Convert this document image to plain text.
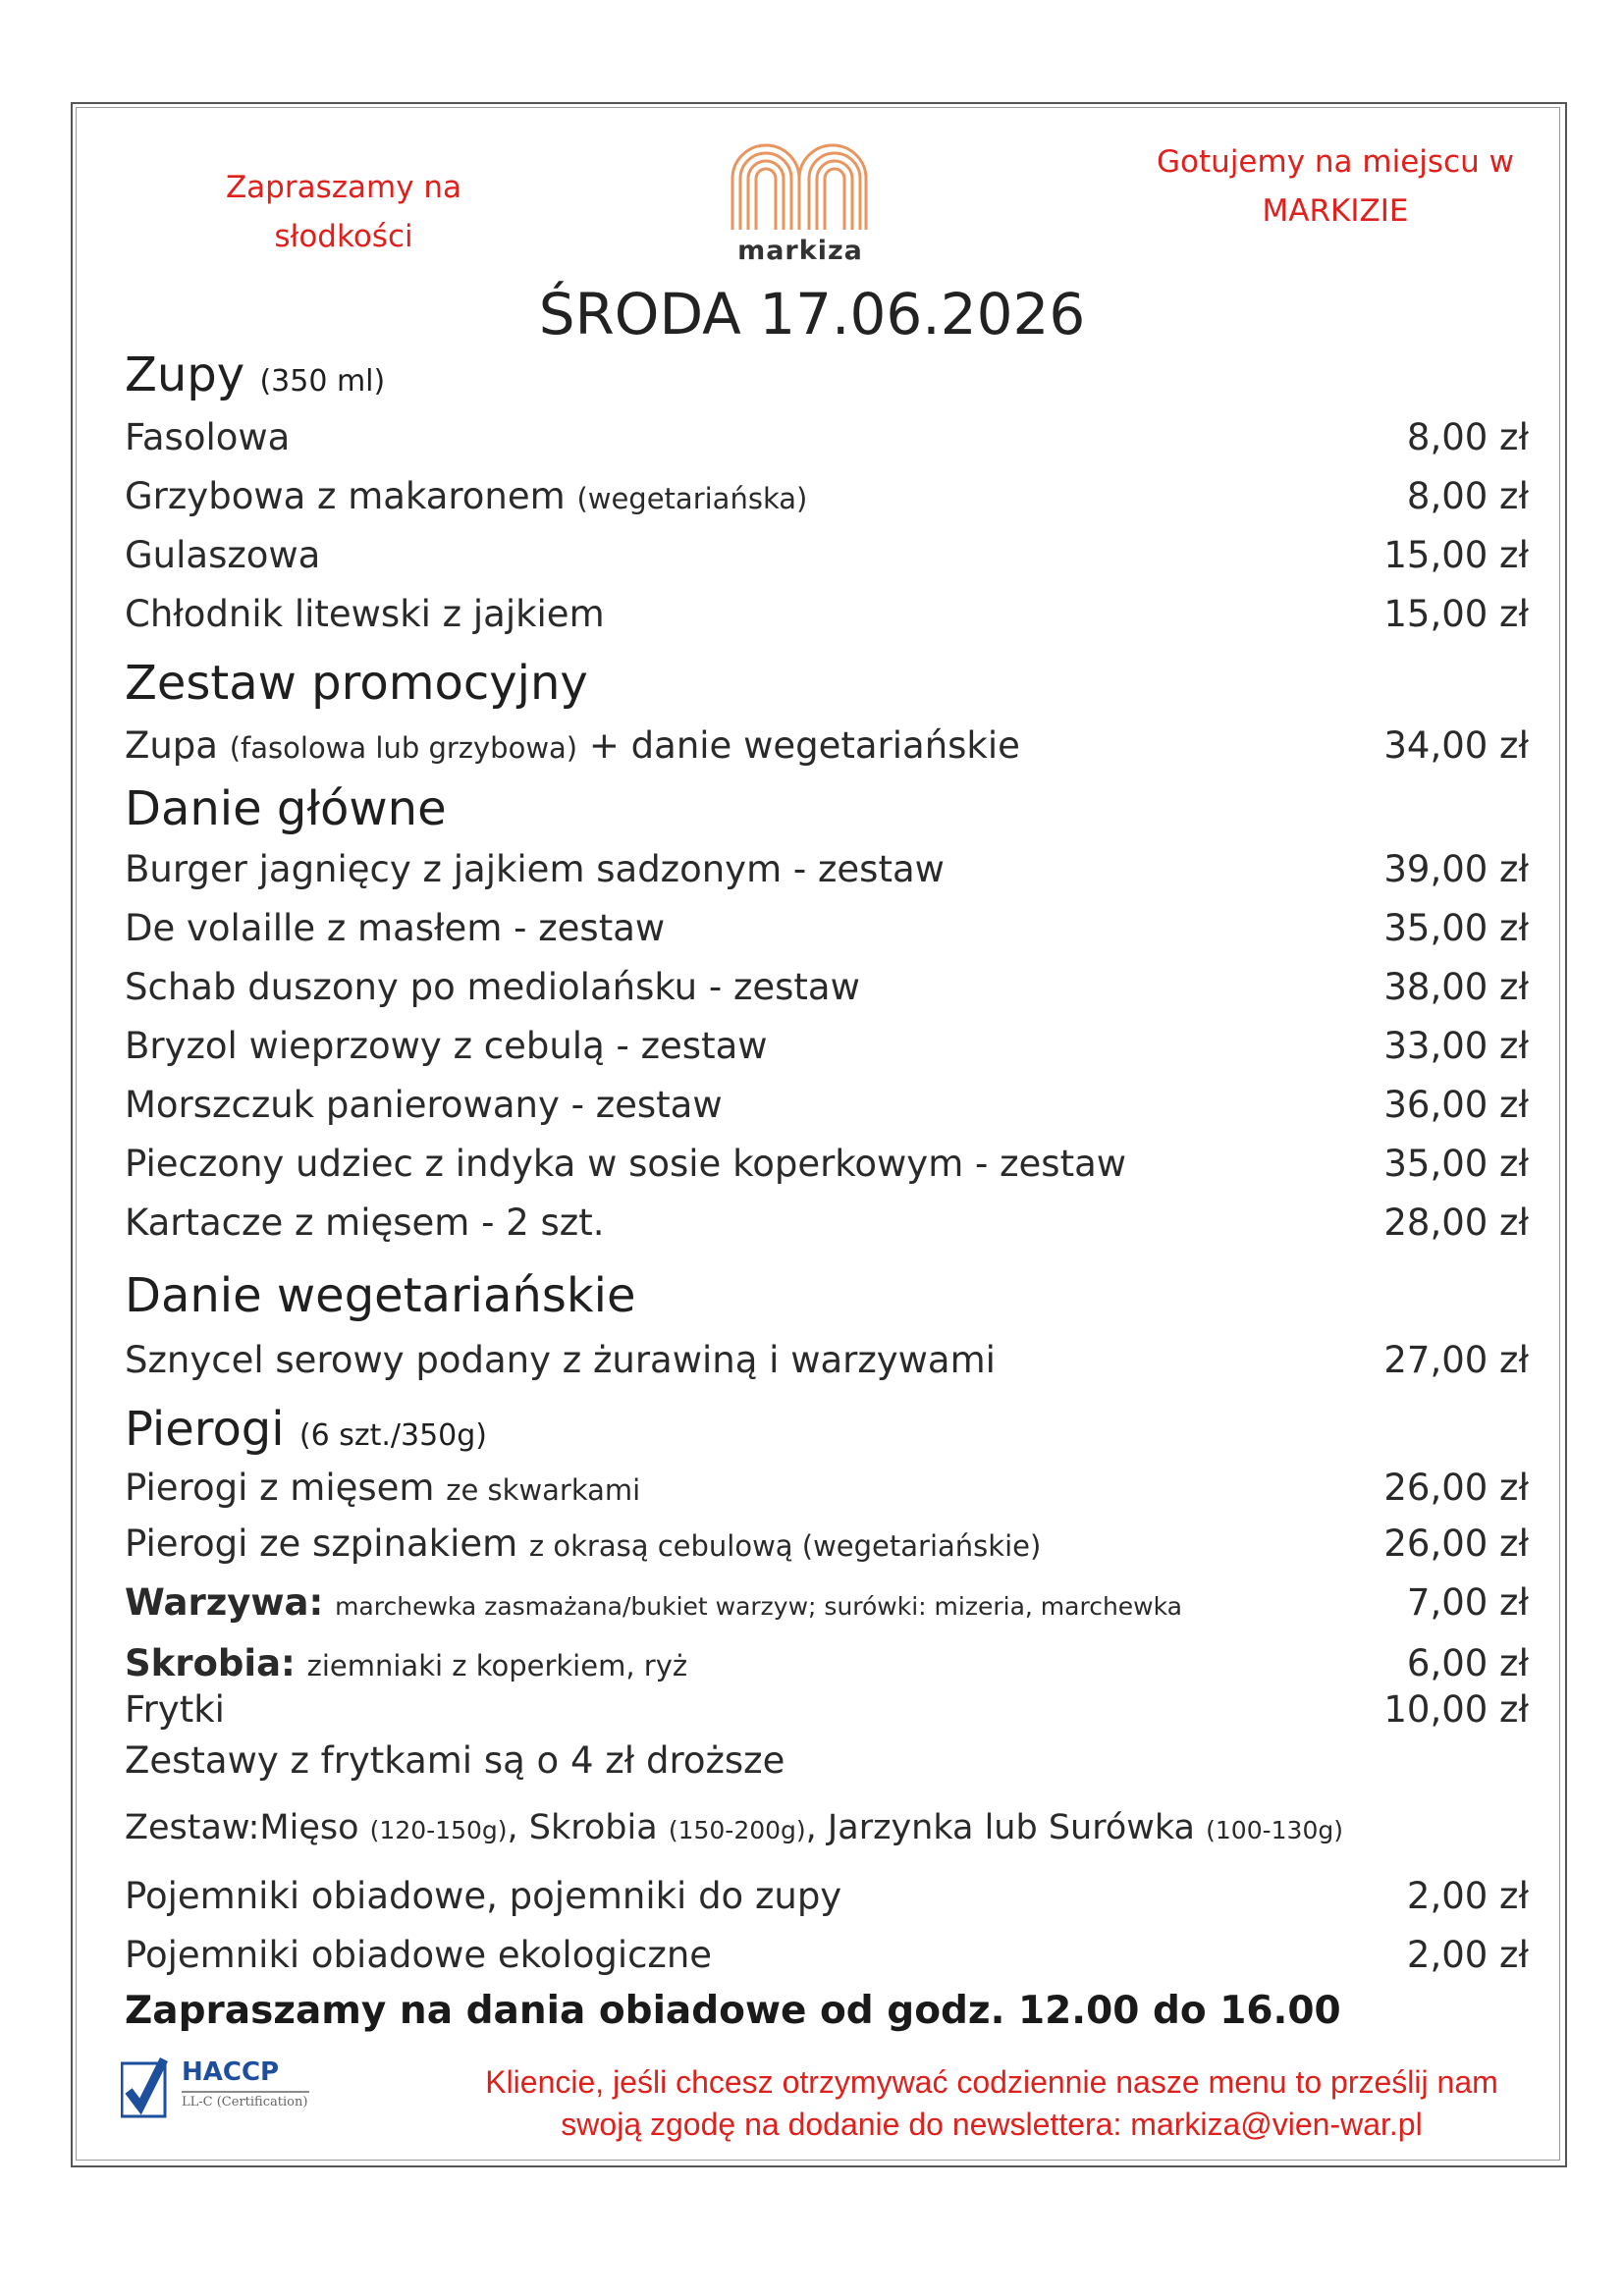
Zapraszamy na słodkości
Gotujemy na miejscu w MARKIZIE
markiza
ŚRODA 17.06.2026
Zupy (350 ml)
Fasolowa	8,00 zł
Grzybowa z makaronem (wegetariańska)	8,00 zł
Gulaszowa	15,00 zł
Chłodnik litewski z jajkiem	15,00 zł
Zestaw promocyjny
Zupa (fasolowa lub grzybowa) + danie wegetariańskie	34,00 zł
Danie główne
Burger jagnięcy z jajkiem sadzonym - zestaw	39,00 zł
De volaille z masłem - zestaw	35,00 zł
Schab duszony po mediolańsku - zestaw	38,00 zł
Bryzol wieprzowy z cebulą - zestaw	33,00 zł
Morszczuk panierowany - zestaw	36,00 zł
Pieczony udziec z indyka w sosie koperkowym - zestaw	35,00 zł
Kartacze z mięsem - 2 szt.	28,00 zł
Danie wegetariańskie
Sznycel serowy podany z żurawiną i warzywami	27,00 zł
Pierogi (6 szt./350g)
Pierogi z mięsem ze skwarkami	26,00 zł
Pierogi ze szpinakiem z okrasą cebulową (wegetariańskie)	26,00 zł
Warzywa: marchewka zasmażana/bukiet warzyw; surówki: mizeria, marchewka	7,00 zł
Skrobia: ziemniaki z koperkiem, ryż	6,00 zł
Frytki	10,00 zł
Zestawy z frytkami są o 4 zł droższe
Zestaw:Mięso (120-150g), Skrobia (150-200g), Jarzynka lub Surówka (100-130g)
Pojemniki obiadowe, pojemniki do zupy	2,00 zł
Pojemniki obiadowe ekologiczne	2,00 zł
Zapraszamy na dania obiadowe od godz. 12.00 do 16.00
HACCP
LL-C (Certification)
Kliencie, jeśli chcesz otrzymywać codziennie nasze menu to prześlij nam
swoją zgodę na dodanie do newslettera: markiza@vien-war.pl
